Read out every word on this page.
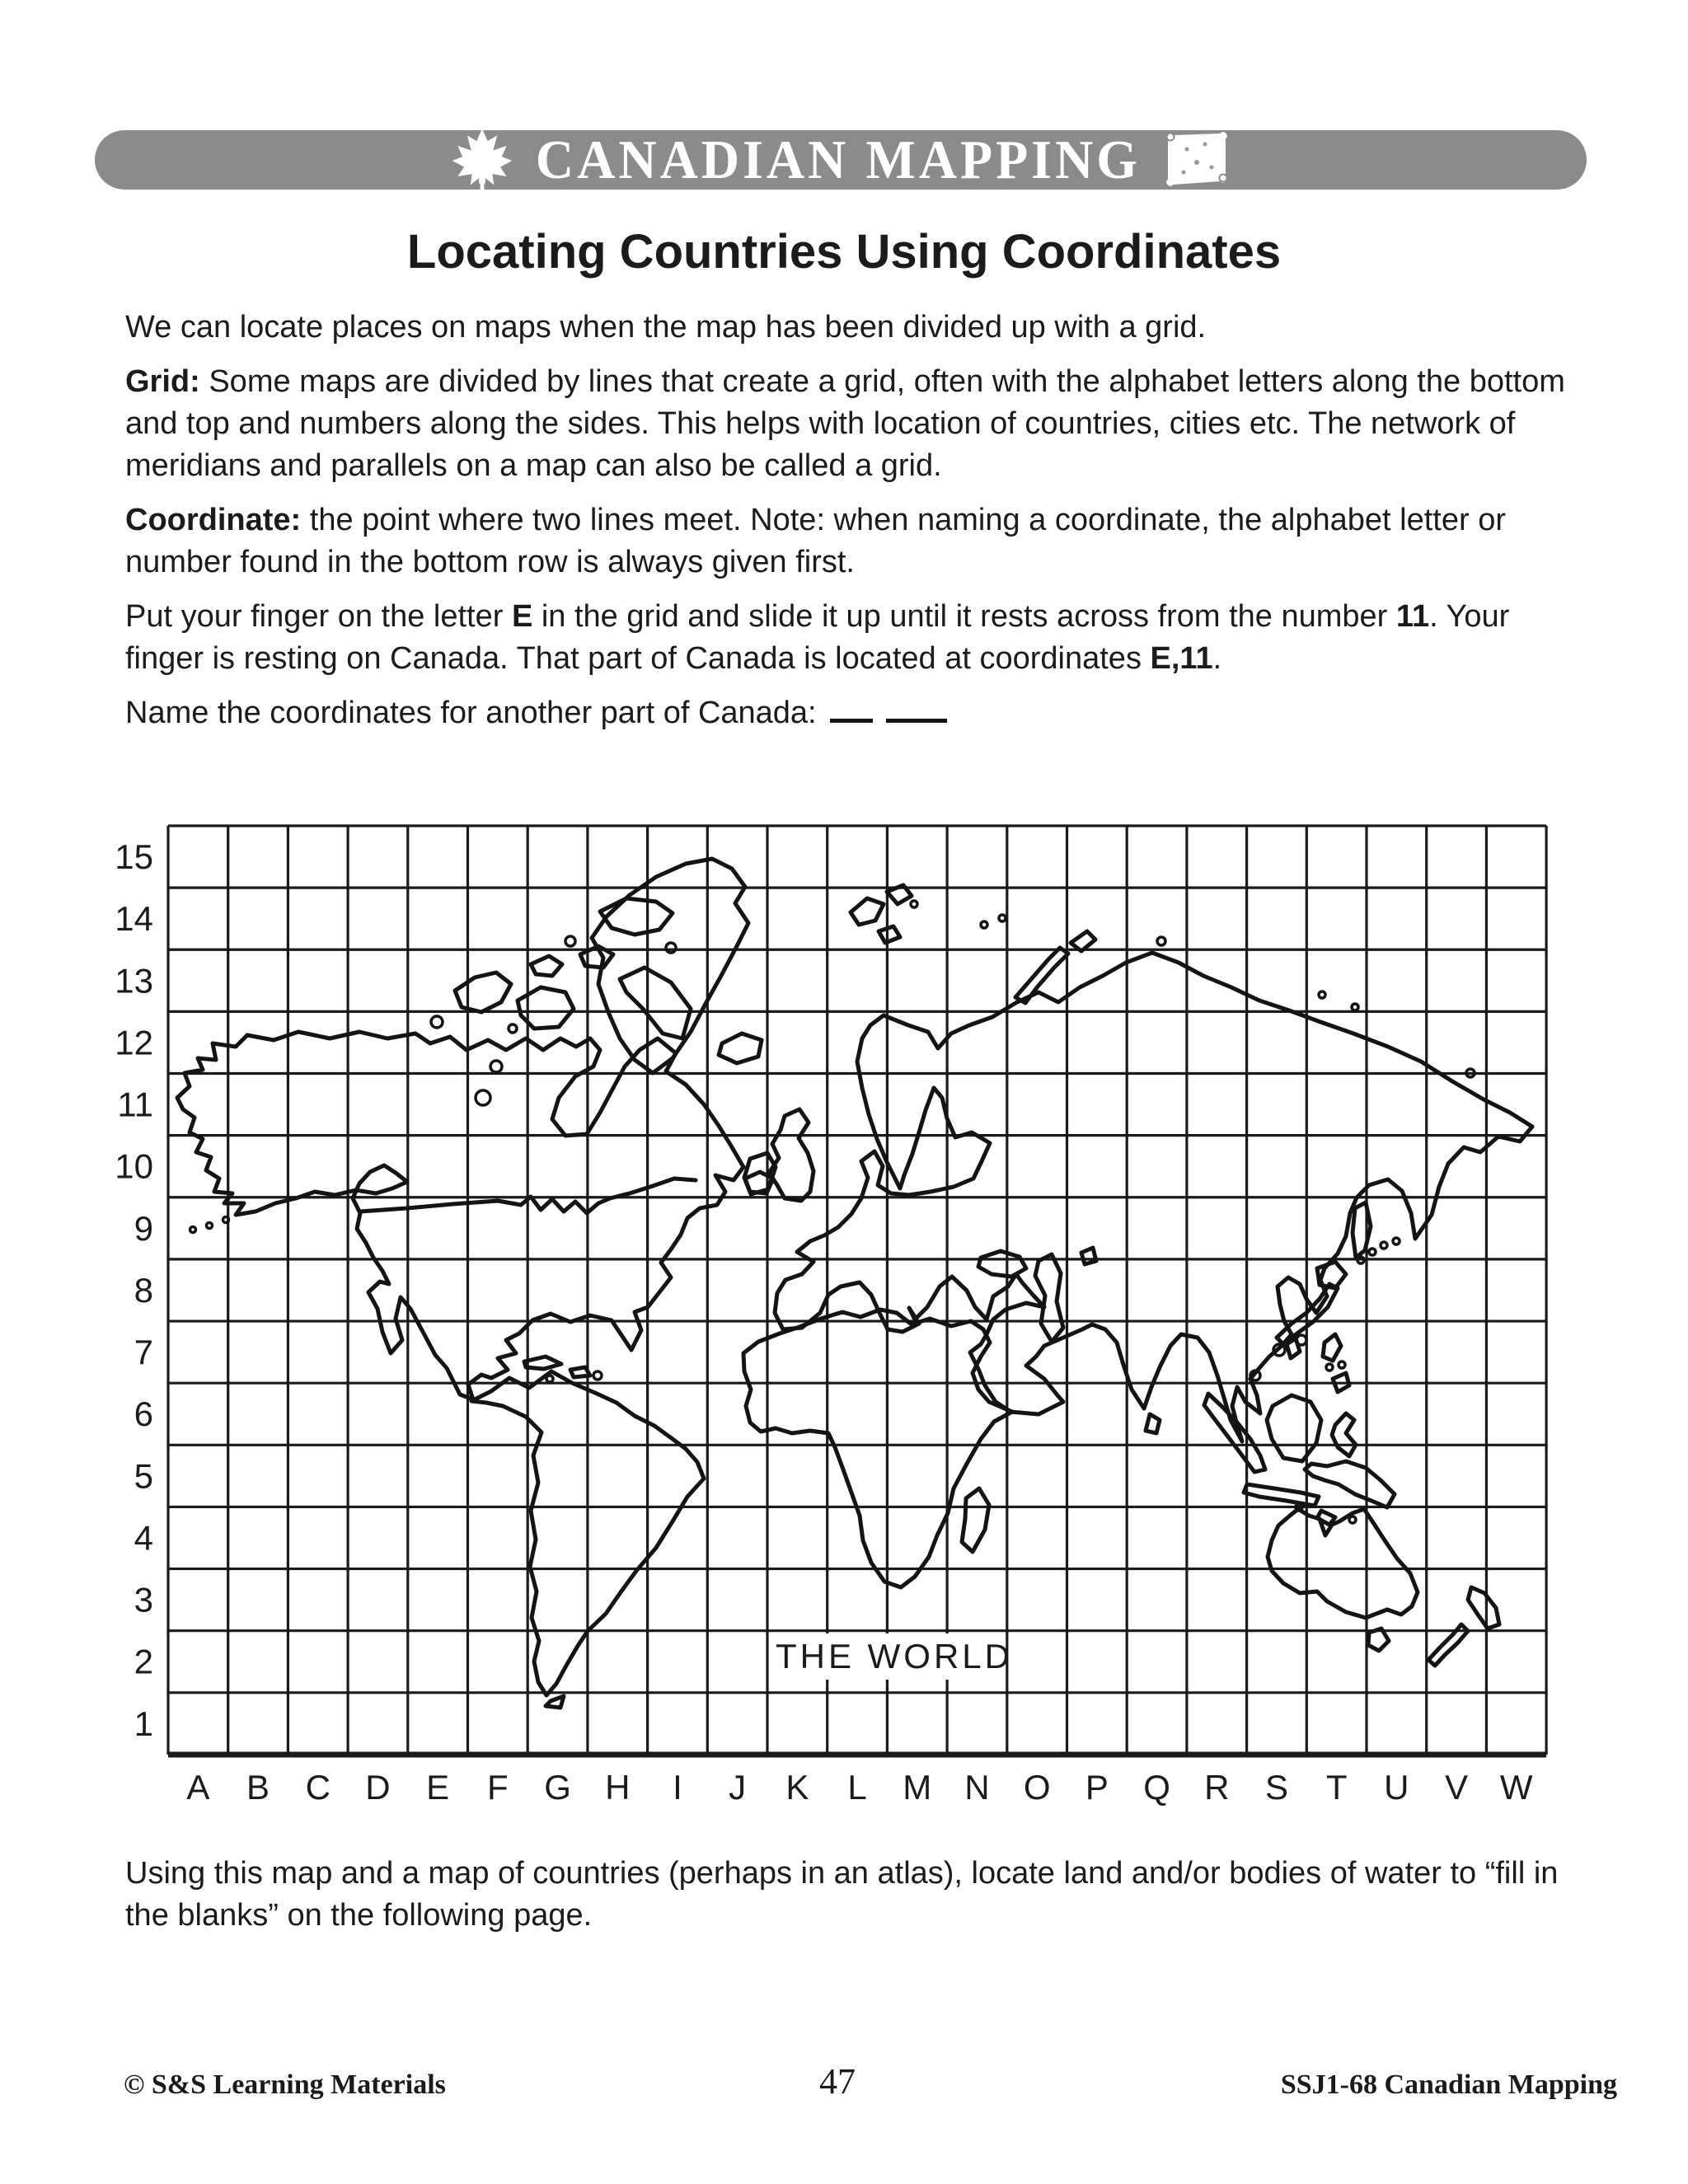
CANADIAN MAPPING
Locating Countries Using Coordinates

We can locate places on maps when the map has been divided up with a grid.

Grid: Some maps are divided by lines that create a grid, often with the alphabet letters along the bottom and top and numbers along the sides. This helps with location of countries, cities etc. The network of meridians and parallels on a map can also be called a grid.

Coordinate: the point where two lines meet. Note: when naming a coordinate, the alphabet letter or number found in the bottom row is always given first.

Put your finger on the letter E in the grid and slide it up until it rests across from the number 11. Your finger is resting on Canada. That part of Canada is located at coordinates E,11.

Name the coordinates for another part of Canada:

15
14
13
12
11
10
9
8
7
6
5
4
3
2
1
A B C D E F G H I J K L M N O P Q R S T U V W
THE WORLD
Using this map and a map of countries (perhaps in an atlas), locate land and/or bodies of water to “fill in the blanks” on the following page.
© S&S Learning Materials	47	SSJ1-68 Canadian Mapping
